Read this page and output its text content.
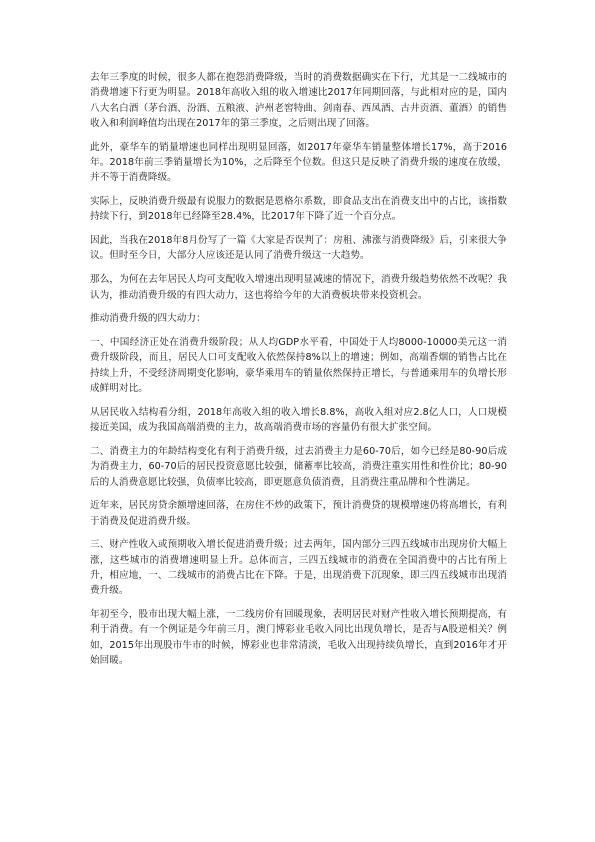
去年三季度的时候，很多人都在抱怨消费降级，当时的消费数据确实在下行，尤其是一二线城市的消费增速下行更为明显。2018年高收入组的收入增速比2017年同期回落，与此相对应的是，国内八大名白酒（茅台酒、汾酒、五粮液、泸州老窖特曲、剑南春、西凤酒、古井贡酒、董酒）的销售收入和利润峰值均出现在2017年的第三季度，之后则出现了回落。

此外，豪华车的销量增速也同样出现明显回落，如2017年豪华车销量整体增长17%，高于2016年。2018年前三季销量增长为10%，之后降至个位数。但这只是反映了消费升级的速度在放缓，并不等于消费降级。

实际上，反映消费升级最有说服力的数据是恩格尔系数，即食品支出在消费支出中的占比，该指数持续下行，到2018年已经降至28.4%，比2017年下降了近一个百分点。

因此，当我在2018年8月份写了一篇《大家是否误判了：房租、沸涨与消费降级》后，引来很大争议。但时至今日，大部分人应该还是认同了消费升级这一大趋势。

那么，为何在去年居民人均可支配收入增速出现明显减速的情况下，消费升级趋势依然不改呢？我认为，推动消费升级的有四大动力，这也将给今年的大消费板块带来投资机会。

推动消费升级的四大动力：

一、中国经济正处在消费升级阶段；从人均GDP水平看，中国处于人均8000-10000美元这一消费升级阶段，而且，居民人口可支配收入依然保持8%以上的增速；例如，高端香烟的销售占比在持续上升，不受经济周期变化影响，豪华乘用车的销量依然保持正增长，与普通乘用车的负增长形成鲜明对比。

从居民收入结构看分组，2018年高收入组的收入增长8.8%，高收入组对应2.8亿人口，人口规模接近美国，成为我国高端消费的主力，故高端消费市场的容量仍有很大扩张空间。

二、消费主力的年龄结构变化有利于消费升级，过去消费主力是60-70后，如今已经是80-90后成为消费主力，60-70后的居民投资意愿比较强，储蓄率比较高，消费注重实用性和性价比；80-90后的人消费意愿比较强，负债率比较高，即更愿意负债消费，且消费注重品牌和个性满足。

近年来，居民房贷余额增速回落，在房住不炒的政策下，预计消费贷的规模增速仍将高增长，有利于消费及促进消费升级。

三、财产性收入或预期收入增长促进消费升级；过去两年，国内部分三四五线城市出现房价大幅上涨，这些城市的消费增速明显上升。总体而言，三四五线城市的消费在全国消费中的占比有所上升，相应地，一、二线城市的消费占比在下降。于是，出现消费下沉现象，即三四五线城市出现消费升级。

年初至今，股市出现大幅上涨，一二线房价有回暖现象，表明居民对财产性收入增长预期提高，有利于消费。有一个例证是今年前三月，澳门博彩业毛收入同比出现负增长，是否与A股逆相关？例如，2015年出现股市牛市的时候，博彩业也非常清淡，毛收入出现持续负增长，直到2016年才开始回暖。
